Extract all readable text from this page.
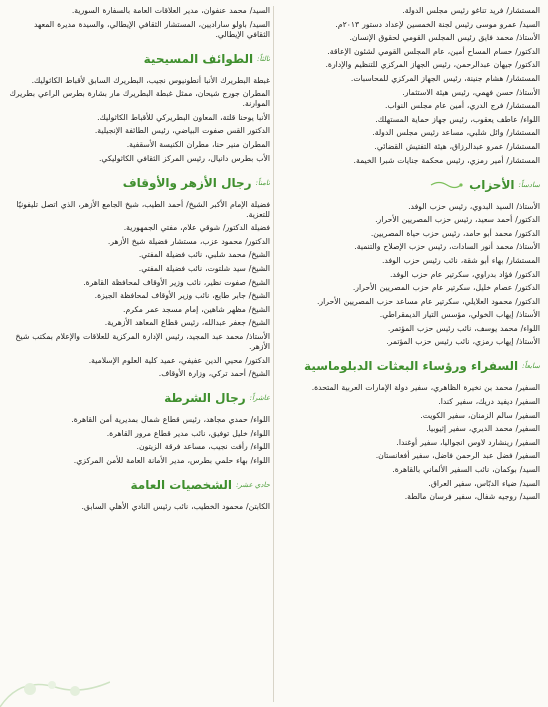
المستشار/ فريد تناغو رئيس مجلس الدولة.

السيد/ عمرو موسى رئيس لجنة الخمسين لإعداد دستور ٢٠١٣م.

الأستاذ/ محمد فايق رئيس المجلس القومي لحقوق الإنسان.

الدكتور/ حسام المساح أمين، عام المجلس القومي لشئون الإعاقة.

الدكتور/ جيهان عبدالرحمن، رئيس الجهاز المركزي للتنظيم والإدارة.

المستشار/ هشام جنينة، رئيس الجهاز المركزي للمحاسبات.

الأستاذ/ حسن فهمي، رئيس هيئة الاستثمار.

المستشار/ فرج الدري، أمين عام مجلس النواب.

اللواء/ عاطف يعقوب، رئيس جهاز حماية المستهلك.

المستشار/ وائل شلبي، مساعد رئيس مجلس الدولة.

المستشار/ عمرو عبدالرزاق، هيئة التفتيش القضائي.

المستشار/ أمير رمزي، رئيس محكمة جنايات شبرا الخيمة.

سادساً:
الأحزاب

الأستاذ/ السيد البدوي، رئيس حزب الوفد.

الدكتور/ أحمد سعيد، رئيس حزب المصريين الأحرار.

الدكتور/ محمد أبو حامد، رئيس حزب حياة المصريين.

الأستاذ/ محمد أنور السادات، رئيس حزب الإصلاح والتنمية.

المستشار/ بهاء أبو شقة، نائب رئيس حزب الوفد.

الدكتور/ فؤاد بدراوي، سكرتير عام حزب الوفد.

الدكتور/ عصام خليل، سكرتير عام حزب المصريين الأحرار.

الدكتور/ محمود العلايلي، سكرتير عام مساعد حزب المصريين الأحرار.

الأستاذ/ إيهاب الخولي، مؤسس التيار الديمقراطي.

اللواء/ محمد يوسف، نائب رئيس حزب المؤتمر.

الأستاذ/ إيهاب رمزي، نائب رئيس حزب المؤتمر.

سابعاً:
السفراء ورؤساء البعثات الدبلوماسية

السفير/ محمد بن نخيرة الظاهري، سفير دولة الإمارات العربية المتحدة.

السفير/ ديفيد دريك، سفير كندا.

السفير/ سالم الزمنان، سفير الكويت.

السفير/ محمد الديري، سفير إثيوبيا.

السفير/ رينشارد لاوس انجواليا، سفير أوغندا.

السفير/ فضل عبد الرحمن فاضل، سفير أفغانستان.

السيد/ بوكمان، نائب السفير الألماني بالقاهرة.

السيد/ ضياء الدبّاس، سفير العراق.

السيد/ روجيه شفال، سفير فرسان مالطة.

السيد/ محمد عنفوان، مدير العلاقات العامة بالسفارة السورية.

السيد/ باولو ساراديين، المستشار الثقافي الإيطالي، والسيدة مديرة المعهد الثقافي الإيطالي.

ثالثاً:
الطوائف المسيحية

غبطة البطريرك الأنبا أنطونيوس نجيب، البطريرك السابق لأقباط الكاثوليك.

المطران جورج شيحان، ممثل غبطة البطريرك مار بشارة بطرس الراعي بطريرك الموارنة.

الأنبا يوحنا قلتة، المعاون البطريركي للأقباط الكاثوليك.

الدكتور القس صفوت البياضي، رئيس الطائفة الإنجيلية.

المطران منير حنا، مطران الكنيسة الأسقفية.

الأب بطرس دانيال، رئيس المركز الثقافي الكاثوليكي.

ثامناً:
رجال الأزهر والأوقاف

فضيلة الإمام الأكبر الشيخ/ أحمد الطيب، شيخ الجامع الأزهر، الذي اتصل تليفونيًا للتعزية.

فضيلة الدكتور/ شوقي علام، مفتي الجمهورية.

الدكتور/ محمود عزب، مستشار فضيلة شيخ الأزهر.

الشيخ/ محمد شلبي، نائب فضيلة المفتي.

الشيخ/ سيد شلتوت، نائب فضيلة المفتي.

الشيخ/ صفوت نظير، نائب وزير الأوقاف لمحافظة القاهرة.

الشيخ/ جابر طايع، نائب وزير الأوقاف لمحافظة الجيزة.

الشيخ/ مظهر شاهين، إمام مسجد عمر مكرم.

الشيخ/ جعفر عبدالله، رئيس قطاع المعاهد الأزهرية.

الأستاذ/ محمد عبد المجيد، رئيس الإدارة المركزية للعلاقات والإعلام بمكتب شيخ الأزهر.

الدكتور/ محيي الدين عفيفي، عميد كلية العلوم الإسلامية.

الشيخ/ أحمد تركي، وزارة الأوقاف.

عاشراً:
رجال الشرطة

اللواء/ حمدي مجاهد، رئيس قطاع شمال بمديرية أمن القاهرة.

اللواء/ خليل توفيق، نائب مدير قطاع مرور القاهرة.

اللواء/ رأفت نجيب، مساعد فرقة الزيتون.

اللواء/ بهاء حلمي بطرس، مدير الأمانة العامة للأمن المركزي.

حادي عشر:
الشخصيات العامة

الكابتن/ محمود الخطيب، نائب رئيس النادي الأهلي السابق.
